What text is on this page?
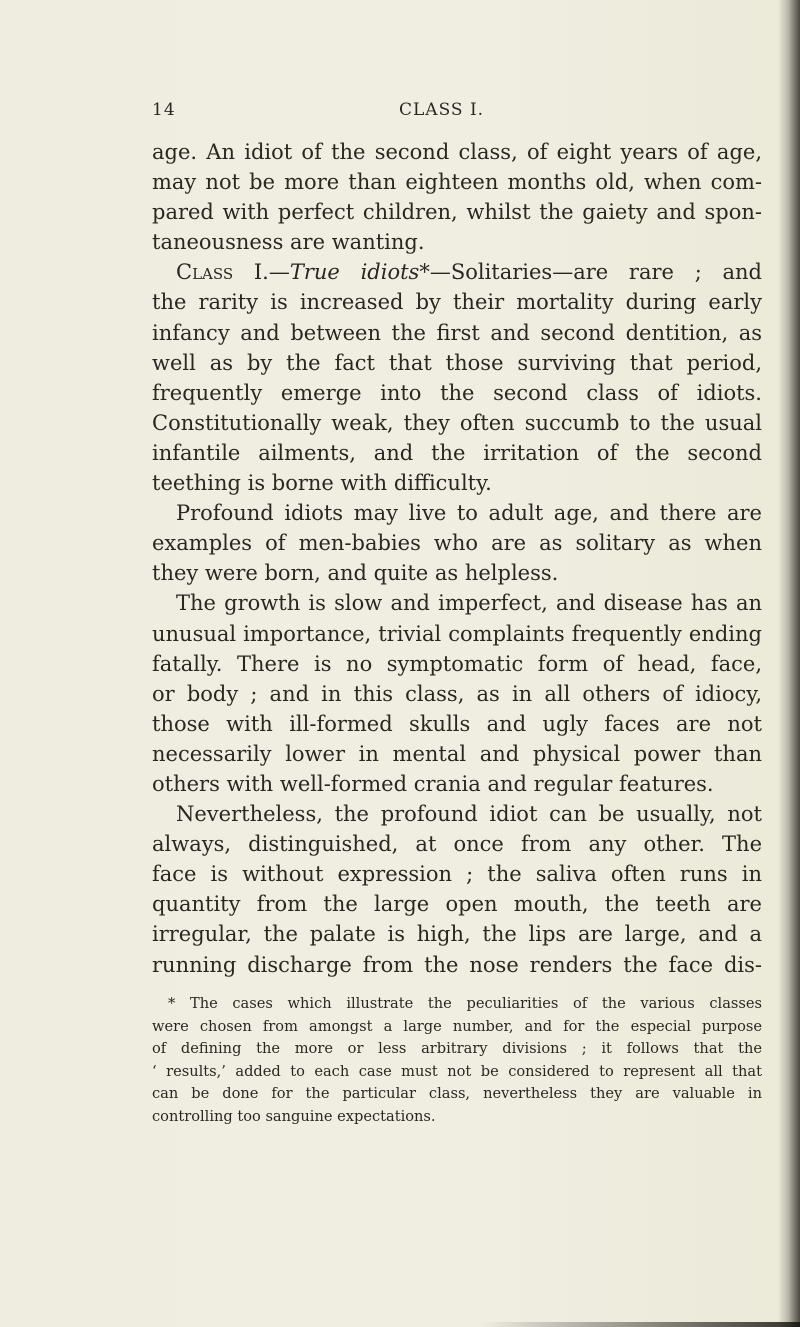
14	CLASS I.
age. An idiot of the second class, of eight years of age,
may not be more than eighteen months old, when com-
pared with perfect children, whilst the gaiety and spon-
taneousness are wanting.
Class I.—True idiots*—Solitaries—are rare ; and
the rarity is increased by their mortality during early
infancy and between the first and second dentition, as
well as by the fact that those surviving that period,
frequently emerge into the second class of idiots.
Constitutionally weak, they often succumb to the usual
infantile ailments, and the irritation of the second
teething is borne with difficulty.
Profound idiots may live to adult age, and there are
examples of men-babies who are as solitary as when
they were born, and quite as helpless.
The growth is slow and imperfect, and disease has an
unusual importance, trivial complaints frequently ending
fatally. There is no symptomatic form of head, face,
or body ; and in this class, as in all others of idiocy,
those with ill-formed skulls and ugly faces are not
necessarily lower in mental and physical power than
others with well-formed crania and regular features.
Nevertheless, the profound idiot can be usually, not
always, distinguished, at once from any other. The
face is without expression ; the saliva often runs in
quantity from the large open mouth, the teeth are
irregular, the palate is high, the lips are large, and a
running discharge from the nose renders the face dis-
* The cases which illustrate the peculiarities of the various classes
were chosen from amongst a large number, and for the especial purpose
of defining the more or less arbitrary divisions ; it follows that the
‘ results,’ added to each case must not be considered to represent all that
can be done for the particular class, nevertheless they are valuable in
controlling too sanguine expectations.
